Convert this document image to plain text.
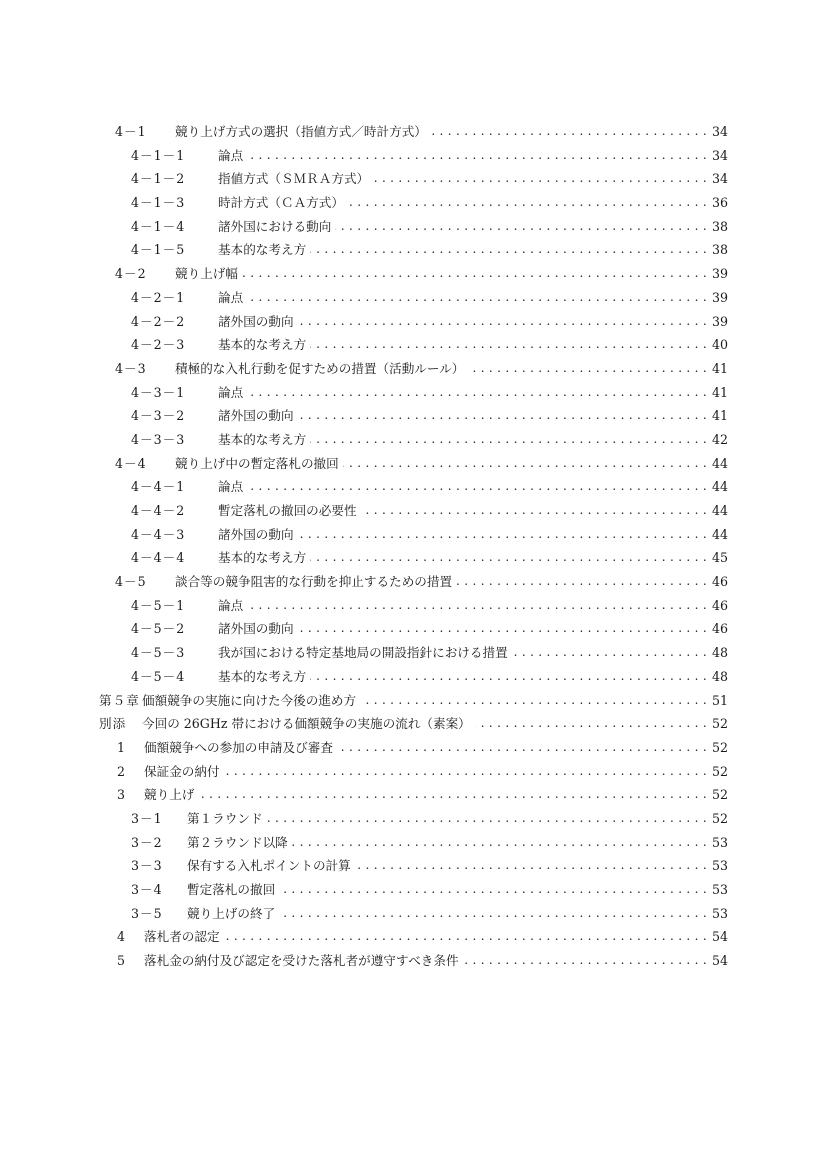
4－1	競り上げ方式の選択（指値方式／時計方式） . . .	34
4－1－1	論点 . . .	34
4－1－2	指値方式（ＳＭＲＡ方式） . . .	34
4－1－3	時計方式（ＣＡ方式） . . .	36
4－1－4	諸外国における動向 . . .	38
4－1－5	基本的な考え方 . . .	38
4－2	競り上げ幅 . . .	39
4－2－1	論点 . . .	39
4－2－2	諸外国の動向 . . .	39
4－2－3	基本的な考え方 . . .	40
4－3	積極的な入札行動を促すための措置（活動ルール） . . .	41
4－3－1	論点 . . .	41
4－3－2	諸外国の動向 . . .	41
4－3－3	基本的な考え方 . . .	42
4－4	競り上げ中の暫定落札の撤回 . . .	44
4－4－1	論点 . . .	44
4－4－2	暫定落札の撤回の必要性 . . .	44
4－4－3	諸外国の動向 . . .	44
4－4－4	基本的な考え方 . . .	45
4－5	談合等の競争阻害的な行動を抑止するための措置 . . .	46
4－5－1	論点 . . .	46
4－5－2	諸外国の動向 . . .	46
4－5－3	我が国における特定基地局の開設指針における措置 . . .	48
4－5－4	基本的な考え方 . . .	48
第５章 価額競争の実施に向けた今後の進め方 . . .	51
別添	今回の 26GHz 帯における価額競争の実施の流れ（素案） . . .	52
1	価額競争への参加の申請及び審査 . . .	52
2	保証金の納付 . . .	52
3	競り上げ . . .	52
3－1	第１ラウンド . . .	52
3－2	第２ラウンド以降 . . .	53
3－3	保有する入札ポイントの計算 . . .	53
3－4	暫定落札の撤回 . . .	53
3－5	競り上げの終了 . . .	53
4	落札者の認定 . . .	54
5	落札金の納付及び認定を受けた落札者が遵守すべき条件 . . .	54
